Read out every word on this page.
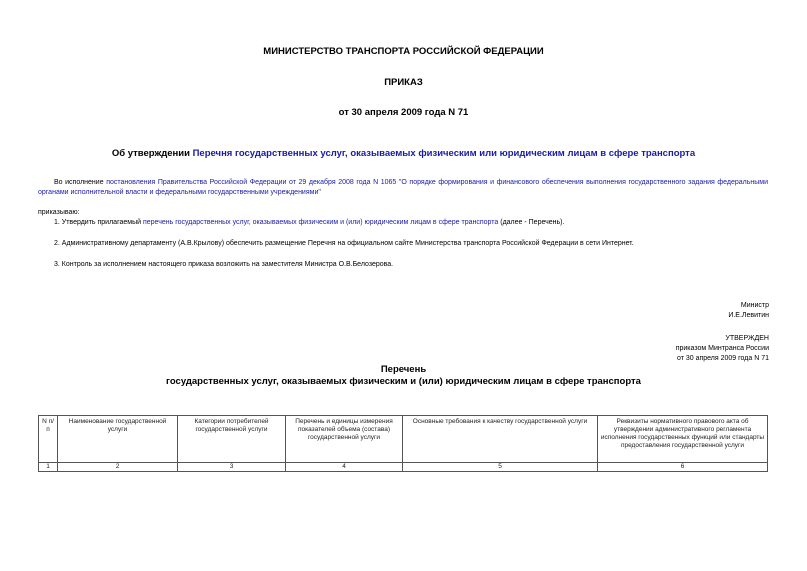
МИНИСТЕРСТВО ТРАНСПОРТА РОССИЙСКОЙ ФЕДЕРАЦИИ
ПРИКАЗ
от 30 апреля 2009 года N 71
Об утверждении Перечня государственных услуг, оказываемых физическим или юридическим лицам в сфере транспорта
Во исполнение постановления Правительства Российской Федерации от 29 декабря 2008 года N 1065 "О порядке формирования и финансового обеспечения выполнения государственного задания федеральными органами исполнительной власти и федеральными государственными учреждениями"
приказываю:
1. Утвердить прилагаемый перечень государственных услуг, оказываемых физическим и (или) юридическим лицам в сфере транспорта (далее - Перечень).
2. Административному департаменту (А.В.Крылову) обеспечить размещение Перечня на официальном сайте Министерства транспорта Российской Федерации в сети Интернет.
3. Контроль за исполнением настоящего приказа возложить на заместителя Министра О.В.Белозерова.
Министр
И.Е.Левитин
УТВЕРЖДЕН
приказом Минтранса России
от 30 апреля 2009 года N 71
Перечень
государственных услуг, оказываемых физическим и (или) юридическим лицам в сфере транспорта
N п/п	Наименование государственной услуги	Категории потребителей государственной услуги	Перечень и единицы измерения показателей объема (состава) государственной услуги	Основные требования к качеству государственной услуги	Реквизиты нормативного правового акта об утверждении административного регламента исполнения государственных функций или стандарты предоставления государственной услуги
1	2	3	4	5	6
